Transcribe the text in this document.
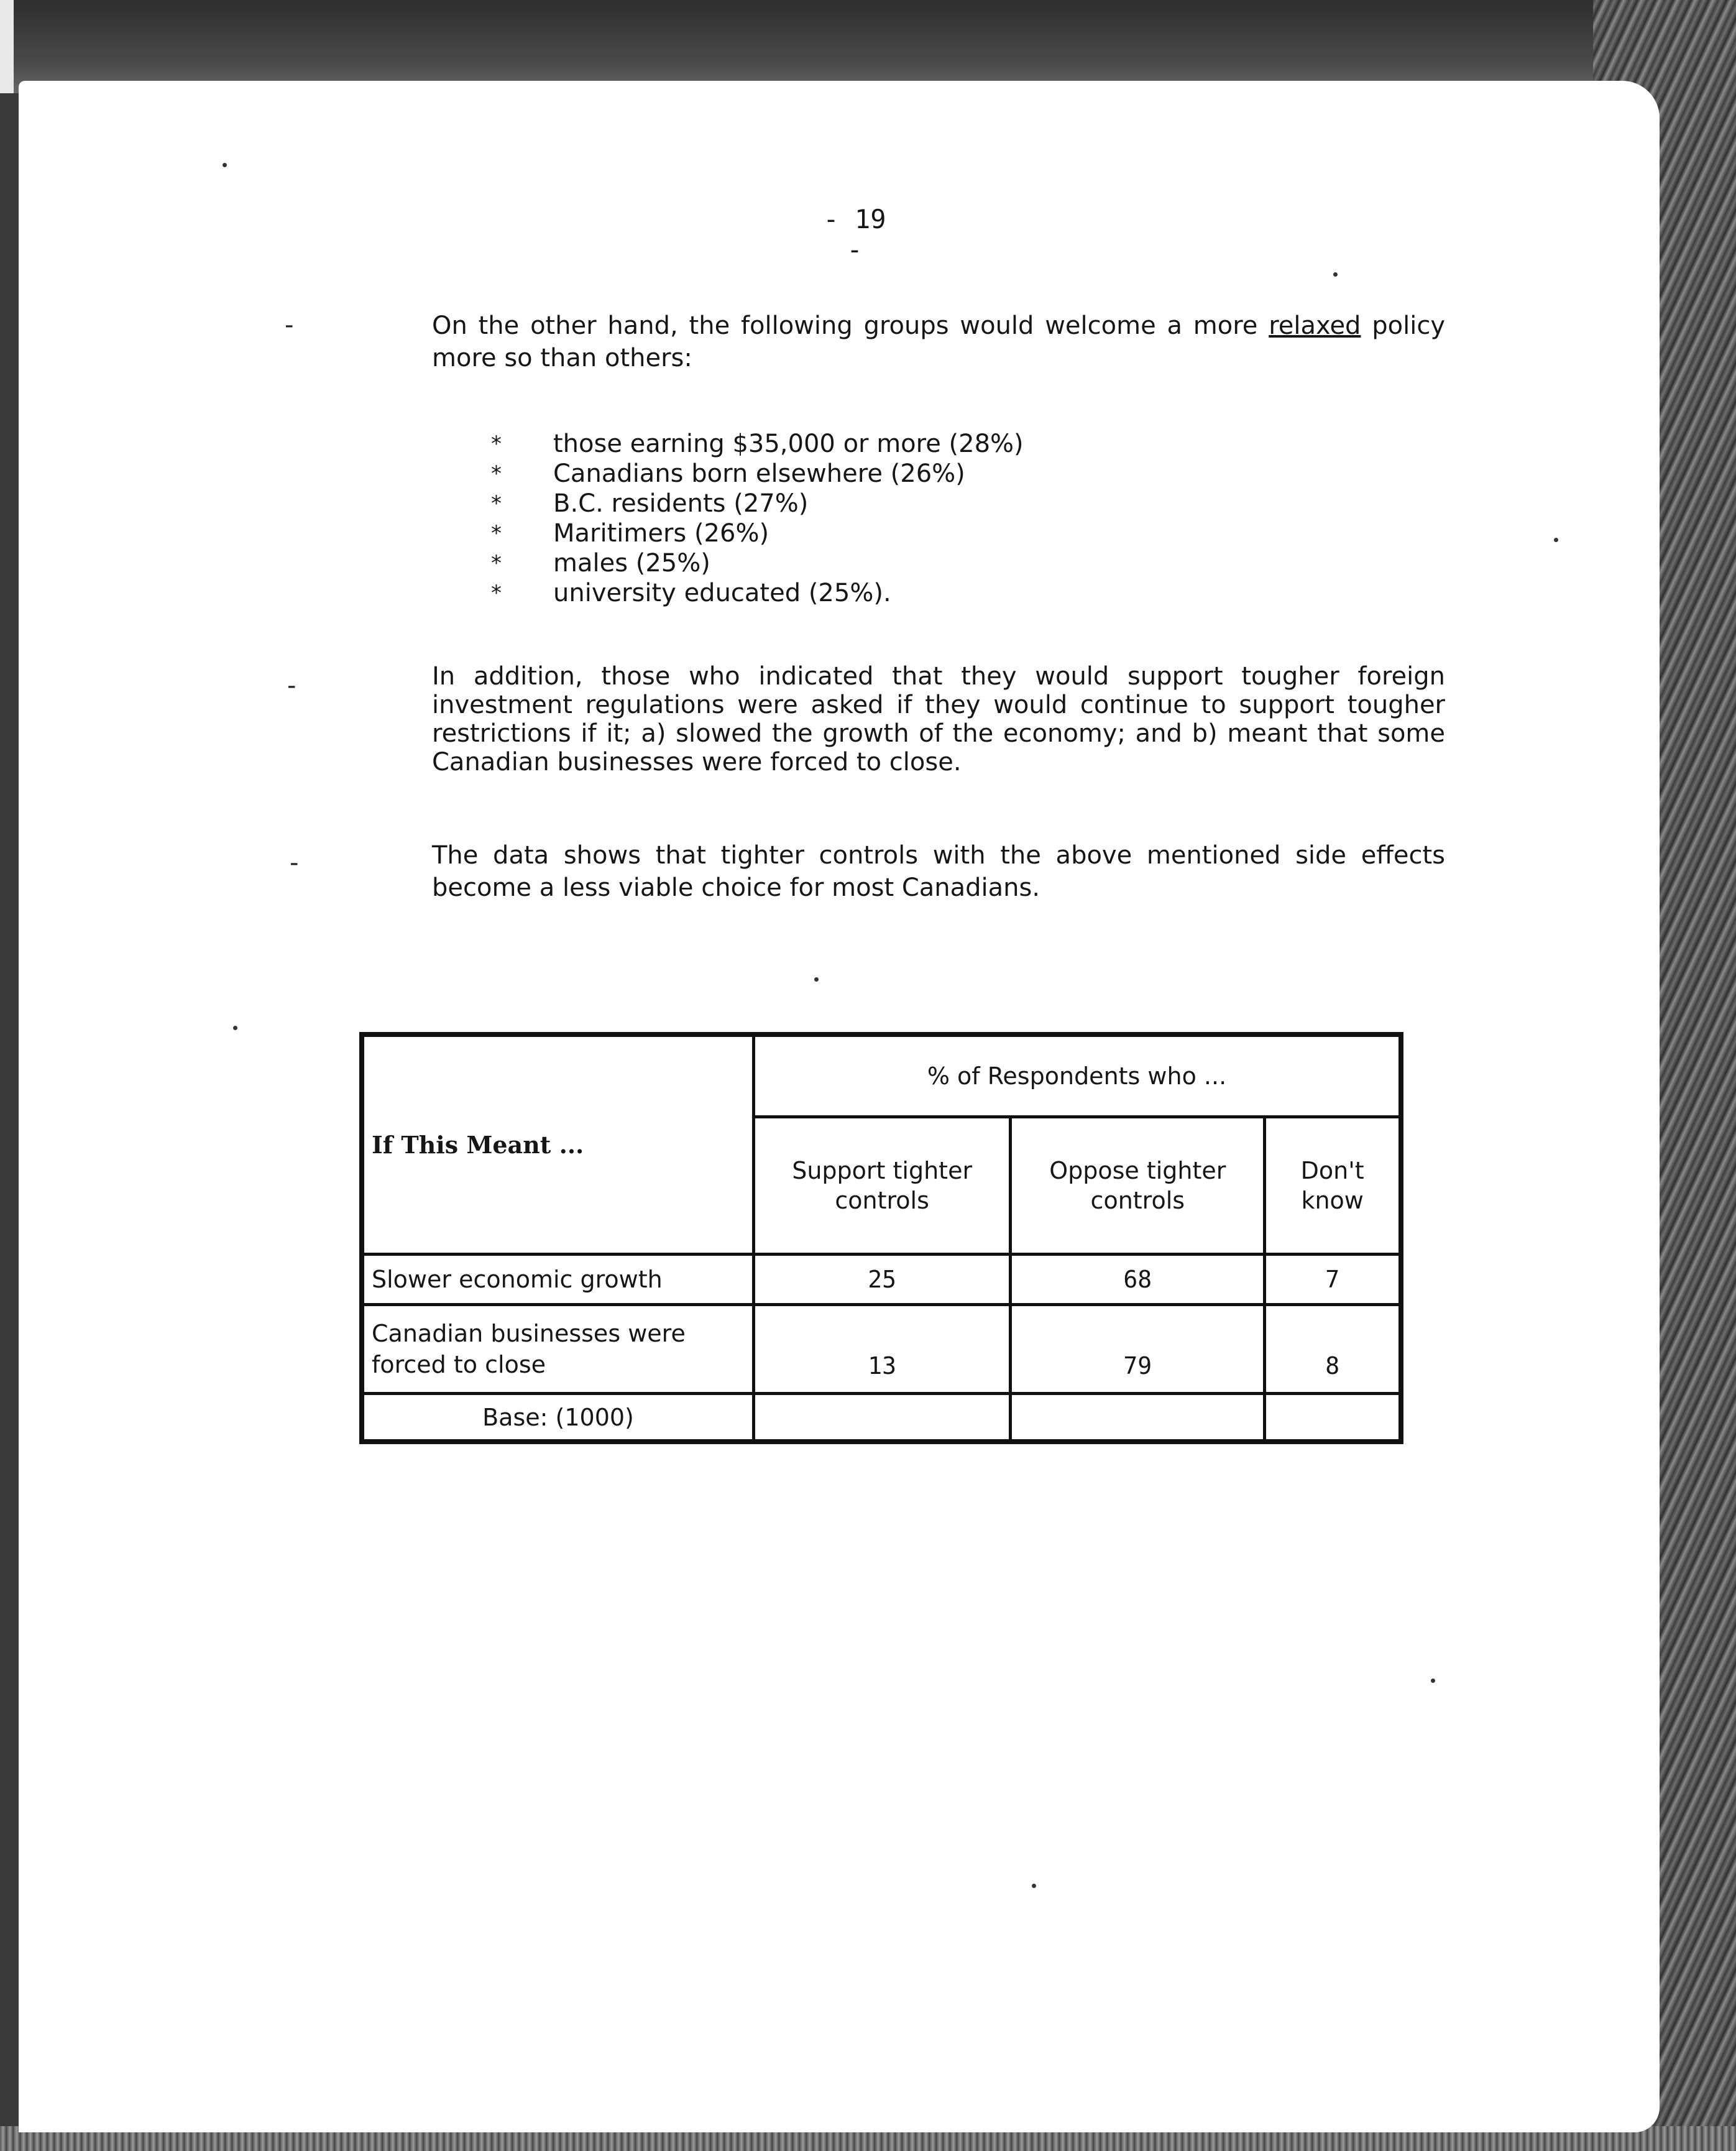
- 19 -
-
-
-

On the other hand, the following groups would welcome a more relaxed policy more so than others:

* those earning $35,000 or more (28%)
* Canadians born elsewhere (26%)
* B.C. residents (27%)
* Maritimers (26%)
* males (25%)
* university educated (25%).

In addition, those who indicated that they would support tougher foreign investment regulations were asked if they would continue to support tougher restrictions if it; a) slowed the growth of the economy; and b) meant that some Canadian businesses were forced to close.

The data shows that tighter controls with the above mentioned side effects become a less viable choice for most Canadians.

If This Meant ...	% of Respondents who ...		
	Support tighter controls	Oppose tighter controls	Don't know
Slower economic growth	25	68	7
Canadian businesses were forced to close	13	79	8
Base: (1000)			
